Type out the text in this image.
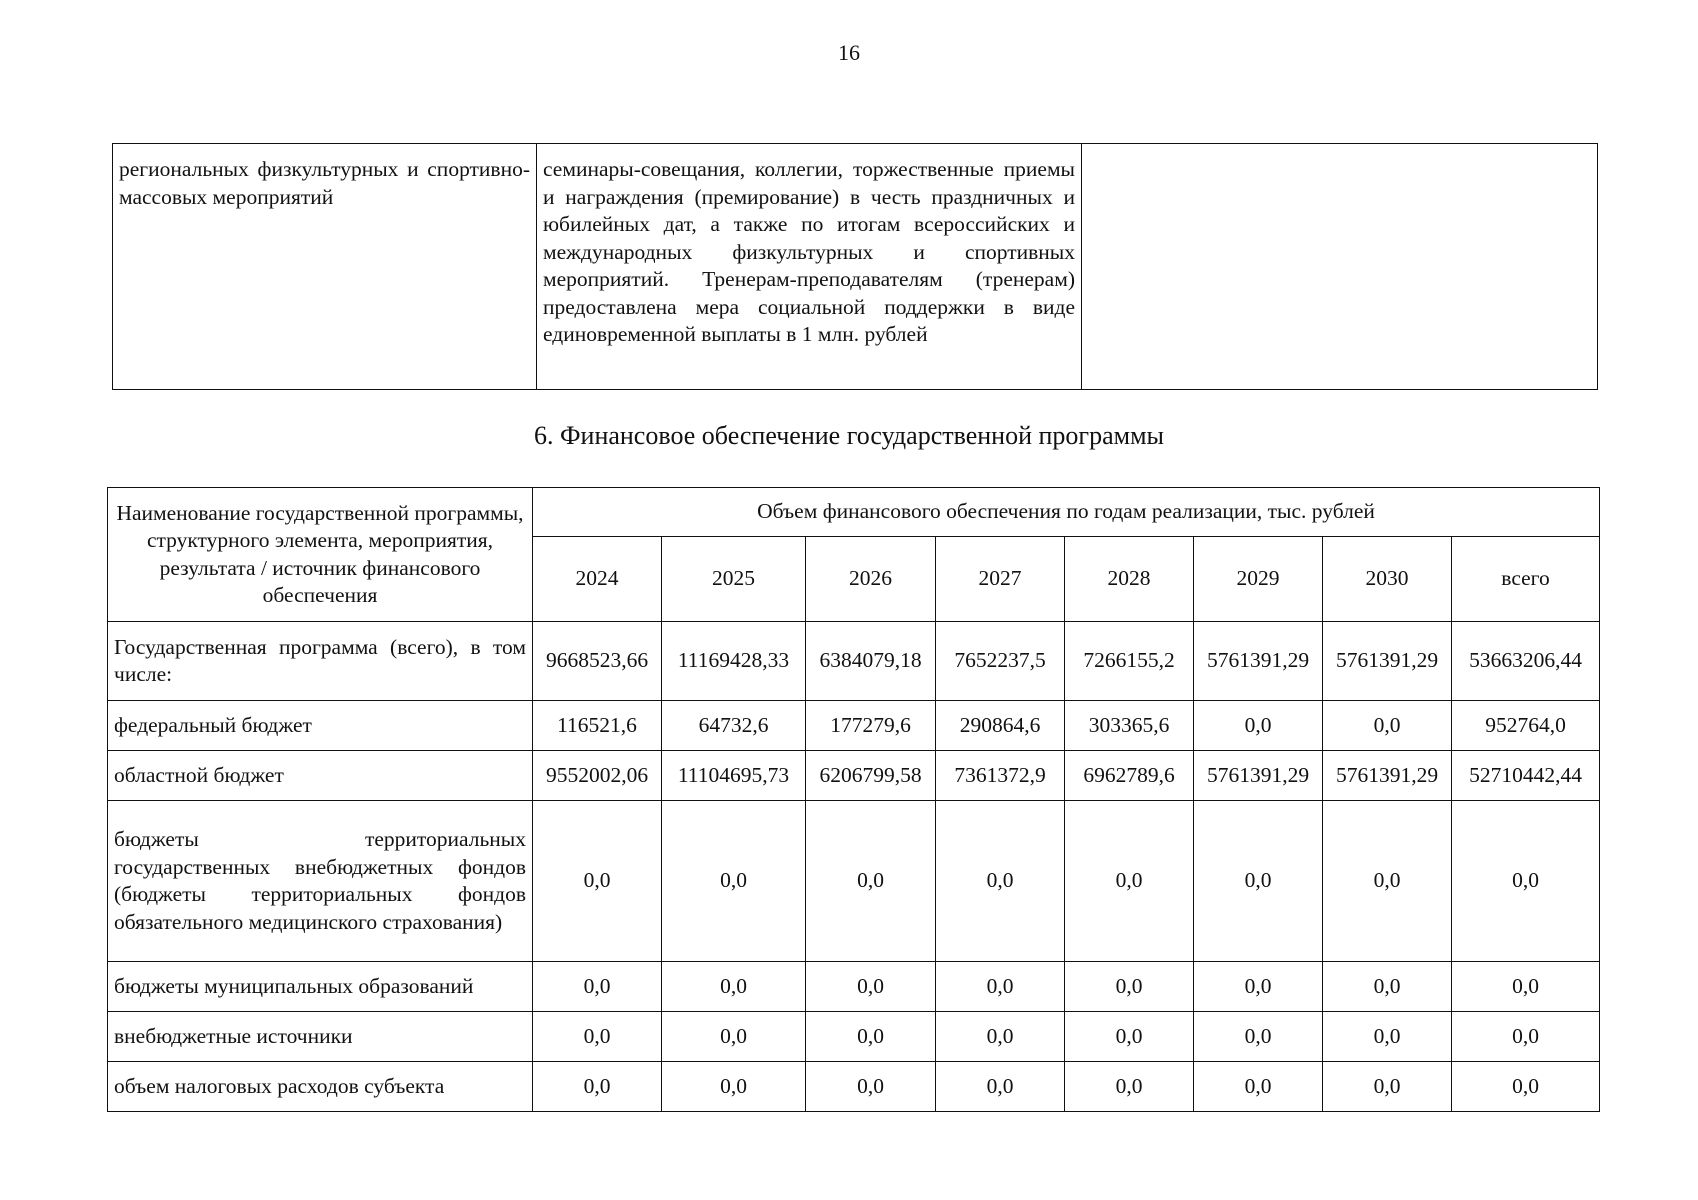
16
региональных физкультурных и спортивно-массовых мероприятий	семинары-совещания, коллегии, торжественные приемы и награждения (премирование) в честь праздничных и юбилейных дат, а также по итогам всероссийских и международных физкультурных и спортивных мероприятий. Тренерам-преподавателям (тренерам) предоставлена мера социальной поддержки в виде единовременной выплаты в 1 млн. рублей	
6. Финансовое обеспечение государственной программы
Наименование государственной программы, структурного элемента, мероприятия, результата / источник финансового обеспечения	Объем финансового обеспечения по годам реализации, тыс. рублей							
	2024	2025	2026	2027	2028	2029	2030	всего
Государственная программа (всего), в том числе:	9668523,66	11169428,33	6384079,18	7652237,5	7266155,2	5761391,29	5761391,29	53663206,44
федеральный бюджет	116521,6	64732,6	177279,6	290864,6	303365,6	0,0	0,0	952764,0
областной бюджет	9552002,06	11104695,73	6206799,58	7361372,9	6962789,6	5761391,29	5761391,29	52710442,44
бюджеты территориальных государственных внебюджетных фондов (бюджеты территориальных фондов обязательного медицинского страхования)	0,0	0,0	0,0	0,0	0,0	0,0	0,0	0,0
бюджеты муниципальных образований	0,0	0,0	0,0	0,0	0,0	0,0	0,0	0,0
внебюджетные источники	0,0	0,0	0,0	0,0	0,0	0,0	0,0	0,0
объем налоговых расходов субъекта	0,0	0,0	0,0	0,0	0,0	0,0	0,0	0,0
